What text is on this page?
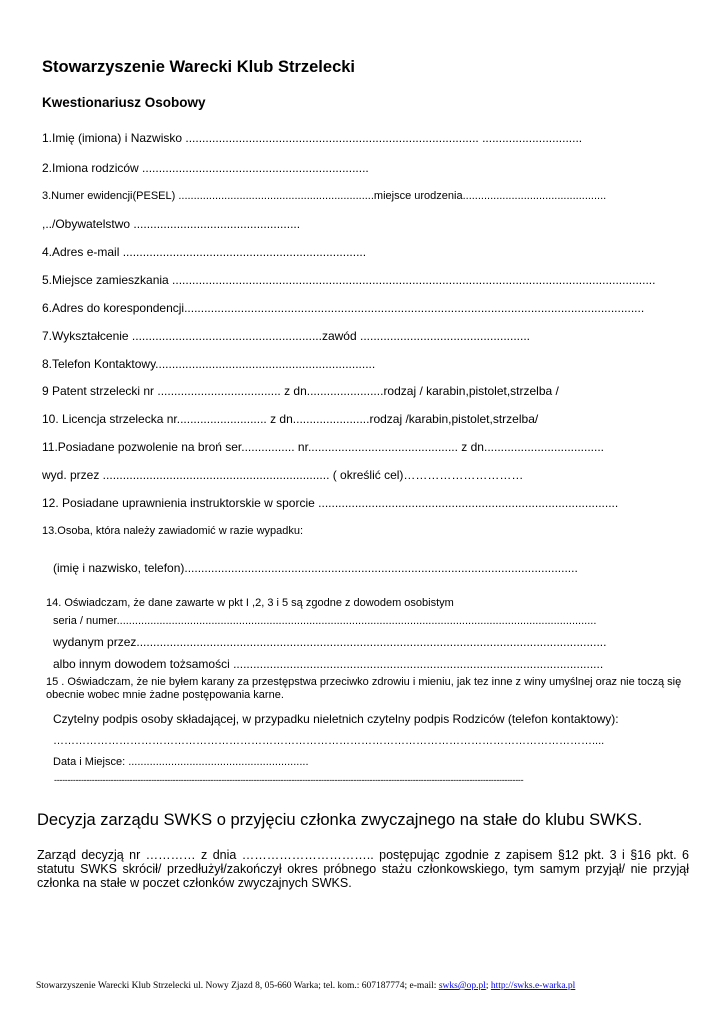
Stowarzyszenie Warecki Klub Strzelecki
Kwestionariusz Osobowy
1.Imię (imiona) i Nazwisko ........................................................................................ ..............................
2.Imiona rodziców ....................................................................
3.Numer ewidencji(PESEL) ................................................................miejsce urodzenia...............................................
,../Obywatelstwo ..................................................
4.Adres e-mail .........................................................................
5.Miejsce zamieszkania .................................................................................................................................................
6.Adres do korespondencji..........................................................................................................................................
7.Wykształcenie .........................................................zawód ...................................................
8.Telefon Kontaktowy..................................................................
9 Patent strzelecki nr ..................................... z dn.......................rodzaj / karabin,pistolet,strzelba /
10. Licencja strzelecka nr........................... z dn.......................rodzaj /karabin,pistolet,strzelba/
11.Posiadane pozwolenie na broń ser................ nr............................................. z dn....................................
wyd. przez .................................................................... ( określić cel)…………………………
12. Posiadane uprawnienia instruktorskie w sporcie ..........................................................................................
13.Osoba, która należy zawiadomić w razie wypadku:
(imię i nazwisko, telefon)......................................................................................................................
14. Oświadczam, że dane zawarte w pkt I ,2, 3 i 5 są zgodne z dowodem osobistym
seria / numer.............................................................................................................................................................
wydanym przez.............................................................................................................................................
albo innym dowodem tożsamości ...............................................................................................................
15 . Oświadczam, że nie byłem karany za przestępstwa przeciwko zdrowiu i mieniu, jak tez inne z winy umyślnej oraz nie toczą się obecnie wobec mnie żadne postępowania karne.
Czytelny podpis osoby składającej, w przypadku nieletnich czytelny podpis Rodziców (telefon kontaktowy):
…………………………………………………………………………………………………………………………………....
Data i Miejsce: ...........................................................
------------------------------------------------------------------------------------------------------------------------------------------------------------------------------
Decyzja zarządu SWKS o przyjęciu członka zwyczajnego na stałe do klubu SWKS.
Zarząd decyzją nr ………… z dnia ………………………….. postępując zgodnie z zapisem §12 pkt. 3 i §16 pkt. 6 statutu SWKS skrócił/ przedłużył/zakończył okres próbnego stażu członkowskiego, tym samym przyjął/ nie przyjął członka na stałe w poczet członków zwyczajnych SWKS.
Stowarzyszenie Warecki Klub Strzelecki ul. Nowy Zjazd 8, 05-660 Warka; tel. kom.: 607187774; e-mail: swks@op.pl; http://swks.e-warka.pl
